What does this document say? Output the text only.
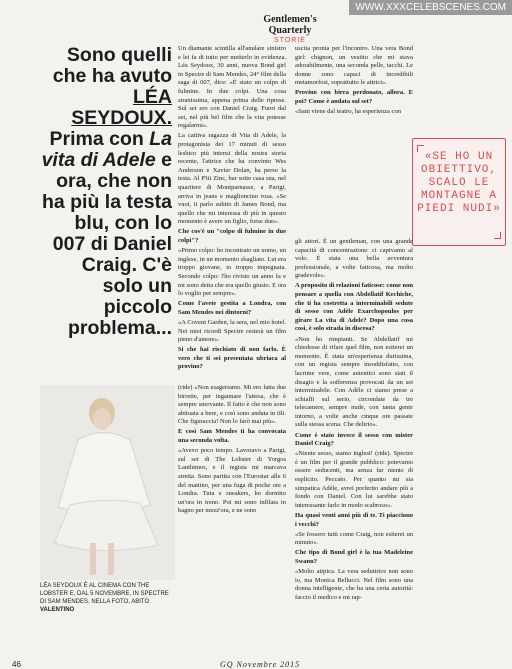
WWW.XXXCELEBSCENES.COM
Gentlemen's
Quarterly
STORIE
Sono quelli che ha avuto LÉA SEYDOUX. Prima con La vita di Adele e ora, che non ha più la testa blu, con lo 007 di Daniel Craig. C'è solo un piccolo problema...

Un diamante scintilla all'anulare sinistro e lei fa di tutto per metterlo in evidenza. Léa Seydoux, 30 anni, nuova Bond girl in Spectre di Sam Mendes, 24° film della saga di 007, dice: «È stato un colpo di fulmine. In due colpi. Una cosa stranissima, appena prima delle riprese. Sul set ero con Daniel Craig. Fuori dal set, nel più bel film che la vita potesse regalarmi».

La cattiva ragazza di Vita di Adele, la protagonista dei 17 minuti di sesso lesbico più intensi della nostra storia recente, l'attrice che ha convinto Wes Anderson e Xavier Dolan, ha perso la testa. Al P'tit Zinc, bar sotto casa sua, nel quartiere di Montparnasse, a Parigi, arriva in jeans e maglioncino rosa. «Se vuoi, ti parlo subito di James Bond, ma quello che mi interessa di più in questo momento è avere un figlio, forse due».

Che cos'è un "colpo di fulmine in due colpi"?

«Primo colpo: ho incontrato un uomo, un inglese, in un momento sbagliato. Lui era troppo giovane, io troppo impegnata. Secondo colpo: l'ho rivisto un anno fa e mi sono detta che era quello giusto. E ora lo voglio per sempre».

Come l'avete gestita a Londra, con Sam Mendes nei dintorni?

«A Covent Garden, la sera, nel mio hotel. Nei miei ricordi Spectre resterà un film pieno d'amore».

Si che hai rischiato di non farlo. È vero che ti sei presentata ubriaca al provino?

uscita pronta per l'incontro. Una vera Bond girl: chignon, un vestito che mi stava adorabilmente, una seconda pelle, tacchi. Le donne sono capaci di incredibili metamorfosi, soprattutto le attrici».

Provino con birra perdonato, allora. E poi? Come è andata sul set?

«Sam viene dal teatro, ha esperienza con

«SE HO UN OBIETTIVO, SCALO LE MONTAGNE A PIEDI NUDI»

gli attori. È un gentleman, con una grande capacità di concentrazione: ci capivamo al volo. È stata una bella avventura professionale, a volte faticosa, ma molto gradevole».

A proposito di relazioni faticose: come non pensare a quella con Abdellatif Kechiche, che ti ha costretta a interminabili sedute di sesso con Adèle Exarchopoulos per girare La vita di Adele? Dopo una cosa così, è solo strada in discesa?

«Non ho rimpianti. Se Abdellatif mi chiedesse di rifare quel film, non esiterei un momento. È stata un'esperienza durissima, con un regista sempre insoddisfatto, con lacrime vere, come autentici sono stati il disagio e la sofferenza provocati da un set interminabile. Con Adèle ci siamo prese a schiaffi sul serio, circondate da tre telecamere, sempre nude, con tanta gente intorno, a volte anche cinque ore passate sulla stessa scena. Che delirio».

Come è stato invece il sesso con mister Daniel Craig?

«Niente sesso, siamo inglesi! (ride). Spectre è un film per il grande pubblico: potevamo essere seducenti, ma senza far niente di esplicito. Peccato. Per quanto mi sia simpatica Adèle, avrei preferito andare più a fondo con Daniel. Con lui sarebbe stato interessante farlo in modo scabroso».

Ha quasi venti anni più di te. Ti piacciono i vecchi?

«Se fossero tutti come Craig, non esiterei un minuto».

Che tipo di Bond girl è la tua Madeleine Swann?

«Molto atipica. La vera seduttrice non sono io, ma Monica Bellucci. Nel film sono una donna intelligente, che ha una certa autorità: faccio il medico e mi rap-

(ride) «Non esageriamo. Mi ero fatta due birrette, per ingannare l'attesa, che è sempre snervante. Il fatto è che non sono abituata a bere, e così sono andata in tilt. Che figuraccia! Non lo farò mai più».

E così Sam Mendes ti ha convocata una seconda volta.

«Avevo poco tempo. Lavoravo a Parigi, sul set di The Lobster di Yorgos Lanthimos, e il regista mi marcava stretta. Sono partita con l'Eurostar alle 6 del mattino, per una fuga di poche ore a Londra. Tuta e sneakers, ho dormito un'ora in treno. Poi mi sono infilata in bagno per mezz'ora, e ne sono

LÉA SEYDOUX È AL CINEMA CON THE LOBSTER E, DAL 5 NOVEMBRE, IN SPECTRE DI SAM MENDES. NELLA FOTO, ABITO VALENTINO
46	GQ Novembre 2015
